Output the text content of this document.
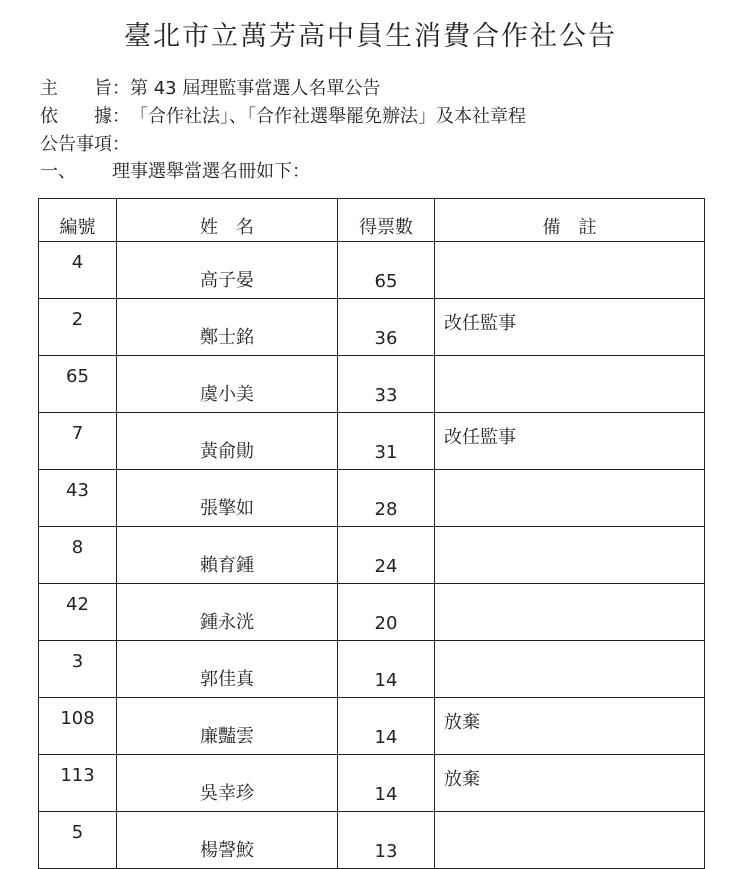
臺北市立萬芳高中員生消費合作社公告
主　　旨：第 43 屆理監事當選人名單公告
依　　據：「合作社法」、「合作社選舉罷免辦法」及本社章程
公告事項：
一、 理事選舉當選名冊如下：
編號	姓　名	得票數	備　註
4	高子晏	65	
2	鄭士銘	36	改任監事
65	虞小美	33	
7	黃俞勛	31	改任監事
43	張擎如	28	
8	賴育鍾	24	
42	鍾永洸	20	
3	郭佳真	14	
108	廉豔雲	14	放棄
113	吳幸珍	14	放棄
5	楊謦鮫	13	
